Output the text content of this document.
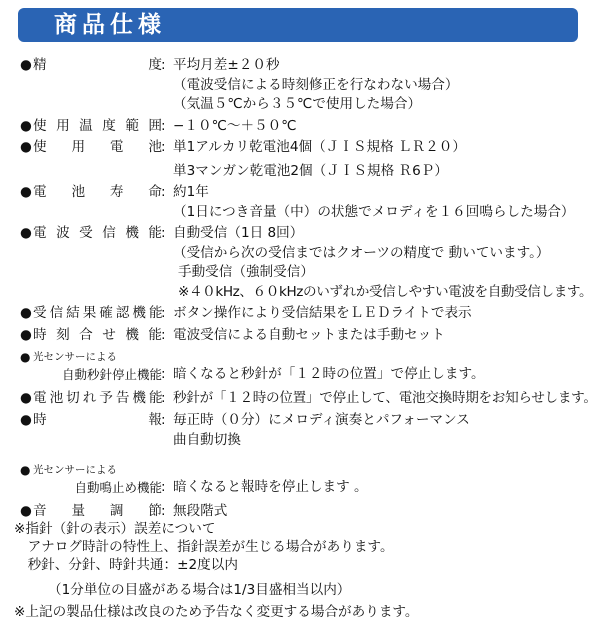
商品仕様
● 精度 : 平均月差±２０秒
（電波受信による時刻修正を行なわない場合）
（気温５℃から３５℃で使用した場合）
● 使用温度範囲 : −１０℃〜＋５０℃
● 使用電池 : 単1アルカリ乾電池4個（ＪＩＳ規格 ＬＲ２０）
単3マンガン乾電池2個（ＪＩＳ規格 Ｒ6Ｐ）
● 電池寿命 : 約1年
（1日につき音量（中）の状態でメロディを１６回鳴らした場合）
● 電波受信機能 : 自動受信（1日 8回）
（受信から次の受信まではクオーツの精度で 動いています。）
手動受信（強制受信）
※４０kHz、６０kHzのいずれか受信しやすい電波を自動受信します。
● 受信結果確認機能 : ボタン操作により受信結果をＬＥＤライトで表示
● 時刻合せ機能 : 電波受信による自動セットまたは手動セット
● 光センサーによる
自動秒針停止機能 : 暗くなると秒針が「１２時の位置」で停止します。
● 電池切れ予告機能 : 秒針が「１２時の位置」で停止して、電池交換時期をお知らせします。
● 時報 : 毎正時（０分）にメロディ演奏とパフォーマンス
曲自動切換
● 光センサーによる
自動鳴止め機能 : 暗くなると報時を停止します 。
● 音量調節 : 無段階式
※指針（針の表示）誤差について
　アナログ時計の特性上、指針誤差が生じる場合があります。
　秒針、分針、時針共通：±2度以内
　　　（1分単位の目盛がある場合は1/3目盛相当以内）
※上記の製品仕様は改良のため予告なく変更する場合があります。
